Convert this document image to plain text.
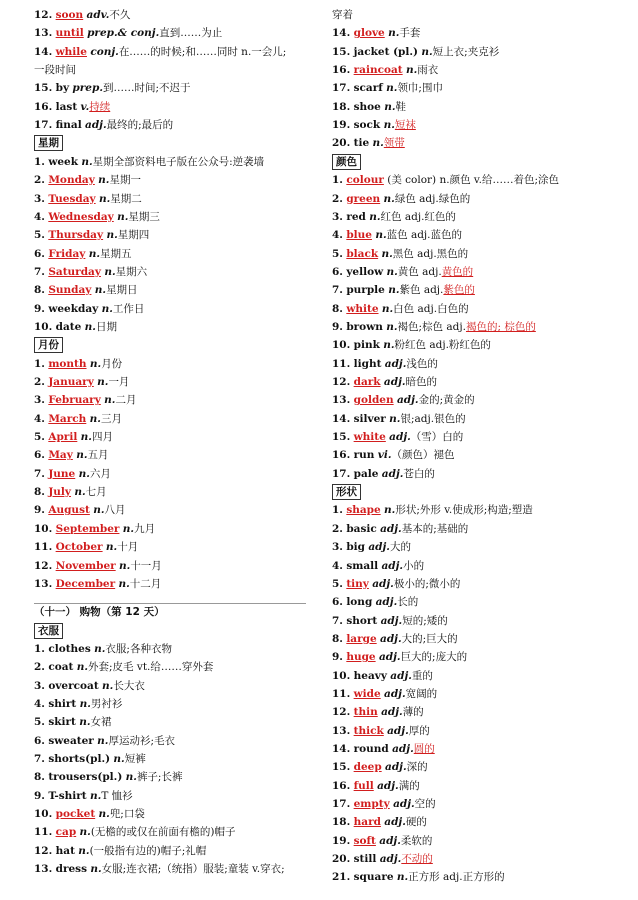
12. soon adv.不久
13. until prep.& conj.直到……为止
14. while conj.在……的时候;和……同时 n.一会儿;
一段时间
15. by prep.到……时间;不迟于
16. last v.持续
17. final adj.最终的;最后的
星期
1. week n.星期全部资料电子版在公众号:逆袭墙
2. Monday n.星期一
3. Tuesday n.星期二
4. Wednesday n.星期三
5. Thursday n.星期四
6. Friday n.星期五
7. Saturday n.星期六
8. Sunday n.星期日
9. weekday n.工作日
10. date n.日期
月份
1. month n.月份
2. January n.一月
3. February n.二月
4. March n.三月
5. April n.四月
6. May n.五月
7. June n.六月
8. July n.七月
9. August n.八月
10. September n.九月
11. October n.十月
12. November n.十一月
13. December n.十二月
（十一） 购物（第 12 天）
衣服
1. clothes n.衣服;各种衣物
2. coat n.外套;皮毛 vt.给……穿外套
3. overcoat n.长大衣
4. shirt n.男衬衫
5. skirt n.女裙
6. sweater n.厚运动衫;毛衣
7. shorts(pl.) n.短裤
8. trousers(pl.) n.裤子;长裤
9. T-shirt n.T 恤衫
10. pocket n.兜;口袋
11. cap n.(无檐的或仅在前面有檐的)帽子
12. hat n.(一般指有边的)帽子;礼帽
13. dress n.女服;连衣裙;（统指）服装;童装 v.穿衣;
穿着
14. glove n.手套
15. jacket (pl.) n.短上衣;夹克衫
16. raincoat n.雨衣
17. scarf n.领巾;围巾
18. shoe n.鞋
19. sock n.短袜
20. tie n.领带
颜色
1. colour (美 color) n.颜色 v.给……着色;涂色
2. green n.绿色 adj.绿色的
3. red n.红色 adj.红色的
4. blue n.蓝色 adj.蓝色的
5. black n.黑色 adj.黑色的
6. yellow n.黄色 adj.黄色的
7. purple n.紫色 adj.紫色的
8. white n.白色 adj.白色的
9. brown n.褐色;棕色 adj.褐色的; 棕色的
10. pink n.粉红色 adj.粉红色的
11. light adj.浅色的
12. dark adj.暗色的
13. golden adj.金的;黄金的
14. silver n.银;adj.银色的
15. white adj.（雪）白的
16. run vi.（颜色）褪色
17. pale adj.苍白的
形状
1. shape n.形状;外形 v.使成形;构造;塑造
2. basic adj.基本的;基础的
3. big adj.大的
4. small adj.小的
5. tiny adj.极小的;微小的
6. long adj.长的
7. short adj.短的;矮的
8. large adj.大的;巨大的
9. huge adj.巨大的;庞大的
10. heavy adj.重的
11. wide adj.宽阔的
12. thin adj.薄的
13. thick adj.厚的
14. round adj.圆的
15. deep adj.深的
16. full adj.满的
17. empty adj.空的
18. hard adj.硬的
19. soft adj.柔软的
20. still adj.不动的
21. square n.正方形 adj.正方形的
